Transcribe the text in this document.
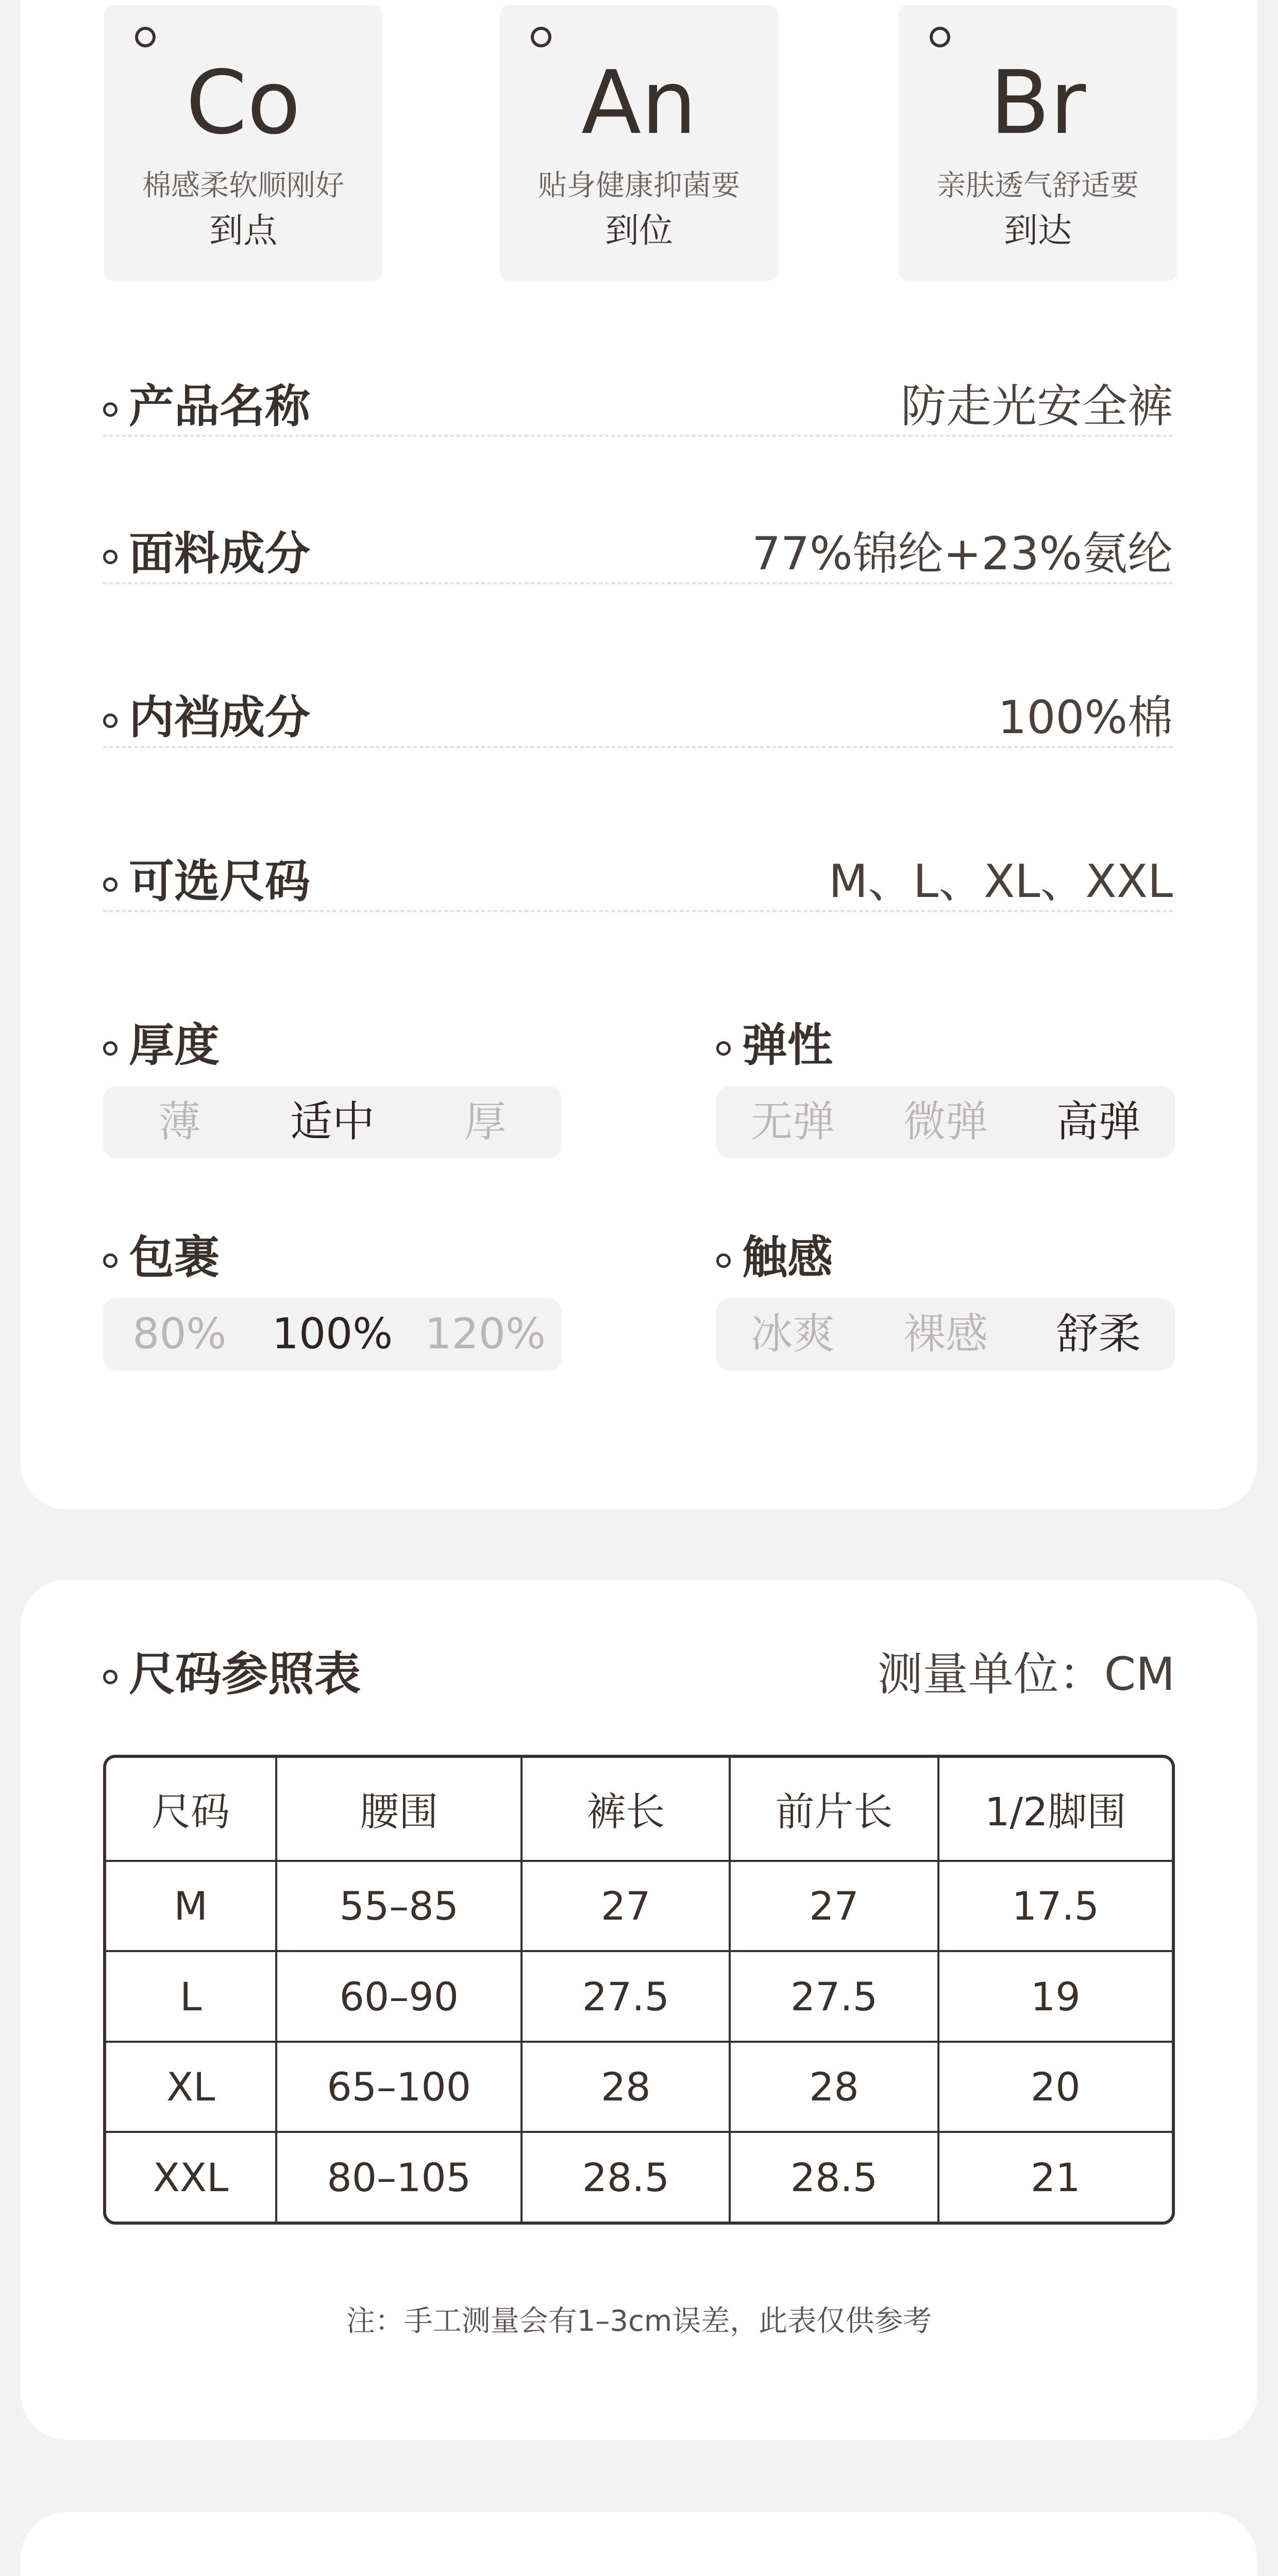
Co
棉感柔软顺刚好
到点
An
贴身健康抑菌要
到位
Br
亲肤透气舒适要
到达
产品名称	防走光安全裤
面料成分	77%锦纶+23%氨纶
内裆成分	100%棉
可选尺码	M、L、XL、XXL
厚度
薄	适中	厚
弹性
无弹	微弹	高弹
包裹
80%	100% 120%
触感
冰爽	裸感	舒柔
尺码参照表	测量单位：CM
尺码	腰围	裤长	前片长	1/2脚围
M	55–85	27	27	17.5
L	60–90	27.5	27.5	19
XL	65–100	28	28	20
XXL	80–105	28.5	28.5	21
注：手工测量会有1–3cm误差，此表仅供参考
